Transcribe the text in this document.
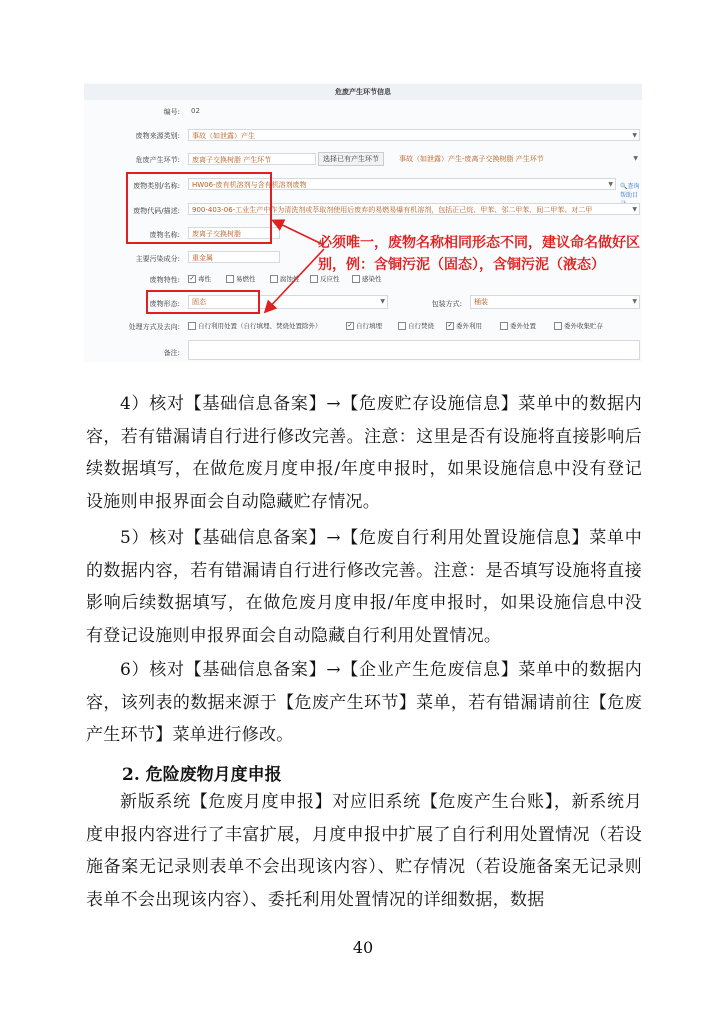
危废产生环节信息
编号:	02
废物来源类别:	事故（如泄露）产生	▼
危废产生环节:	废离子交换树脂 产生环节	选择已有产生环节	事故（如泄露）产生-废离子交换树脂 产生环节	▼
废物类别/名称:	HW06-废有机溶剂与含有机溶剂废物	▼ 🔍查询帮助目
废物代码/描述:	900-403-06-工业生产中作为清洗剂或萃取剂使用后废弃的易燃易爆有机溶剂，包括正己烷、甲苯、邻二甲苯、间二甲苯、对二甲	▼
废物名称:	废离子交换树脂
主要污染成分:	重金属
废物特性: ✓ 毒性	易燃性	腐蚀性	反应性	感染性
废物形态:	固态	▼	包装方式:	桶装	▼
处理方式及去向:	自行利用处置（自行填埋、焚烧处置除外）	✓ 自行填埋	自行焚烧 ✓ 委外利用	委外处置	委外收集贮存
备注:
必须唯一，废物名称相同形态不同，建议命名做好区别，例：含铜污泥（固态），含铜污泥（液态）

4）核对【基础信息备案】→【危废贮存设施信息】菜单中的数据内容，若有错漏请自行进行修改完善。注意：这里是否有设施将直接影响后续数据填写，在做危废月度申报/年度申报时，如果设施信息中没有登记设施则申报界面会自动隐藏贮存情况。

5）核对【基础信息备案】→【危废自行利用处置设施信息】菜单中的数据内容，若有错漏请自行进行修改完善。注意：是否填写设施将直接影响后续数据填写，在做危废月度申报/年度申报时，如果设施信息中没有登记设施则申报界面会自动隐藏自行利用处置情况。

6）核对【基础信息备案】→【企业产生危废信息】菜单中的数据内容，该列表的数据来源于【危废产生环节】菜单，若有错漏请前往【危废产生环节】菜单进行修改。

2. 危险废物月度申报

新版系统【危废月度申报】对应旧系统【危废产生台账】，新系统月度申报内容进行了丰富扩展，月度申报中扩展了自行利用处置情况（若设施备案无记录则表单不会出现该内容）、贮存情况（若设施备案无记录则表单不会出现该内容）、委托利用处置情况的详细数据，数据

40
